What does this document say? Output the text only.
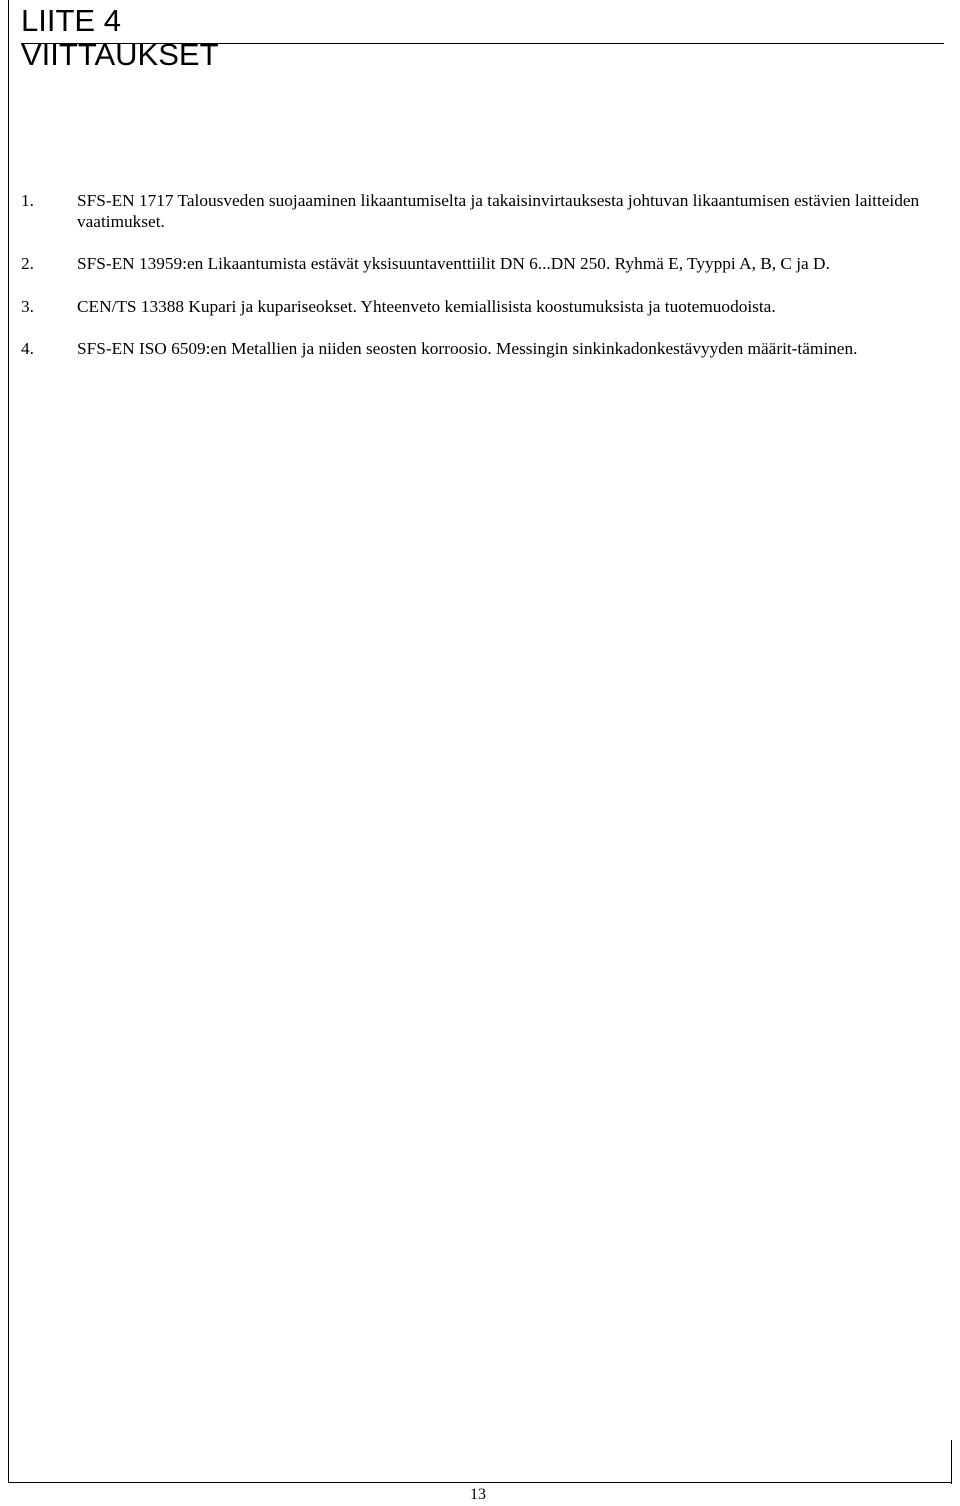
LIITE 4
VIITTAUKSET
1. SFS-EN 1717 Talousveden suojaaminen likaantumiselta ja takaisinvirtauksesta johtuvan likaantumisen estävien laitteiden vaatimukset.
2. SFS-EN 13959:en Likaantumista estävät yksisuuntaventtiilit DN 6...DN 250. Ryhmä E, Tyyppi A, B, C ja D.
3. CEN/TS 13388 Kupari ja kupariseokset. Yhteenveto kemiallisista koostumuksista ja tuotemuodoista.
4. SFS-EN ISO 6509:en Metallien ja niiden seosten korroosio. Messingin sinkinkadonkestävyyden määrit-täminen.
13
